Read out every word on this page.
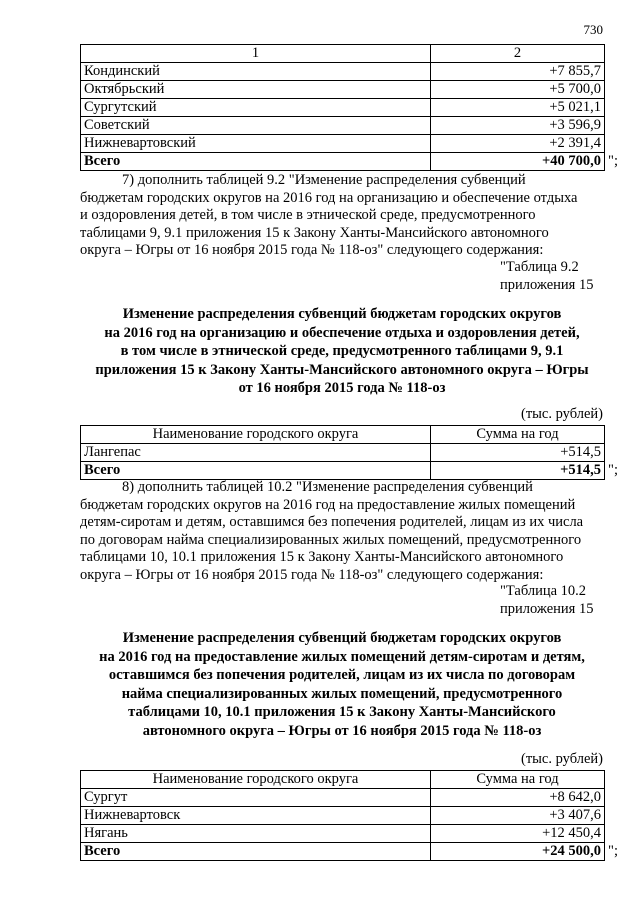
730
1	2
Кондинский	+7 855,7
Октябрьский	+5 700,0
Сургутский	+5 021,1
Советский	+3 596,9
Нижневартовский	+2 391,4
Всего	+40 700,0 ";
7) дополнить таблицей 9.2 "Изменение распределения субвенций
бюджетам городских округов на 2016 год на организацию и обеспечение отдыха
и оздоровления детей, в том числе в этнической среде, предусмотренного
таблицами 9, 9.1 приложения 15 к Закону Ханты-Мансийского автономного
округа – Югры от 16 ноября 2015 года № 118-оз" следующего содержания:
"Таблица 9.2
приложения 15
Изменение распределения субвенций бюджетам городских округов
на 2016 год на организацию и обеспечение отдыха и оздоровления детей,
в том числе в этнической среде, предусмотренного таблицами 9, 9.1
приложения 15 к Закону Ханты-Мансийского автономного округа – Югры
от 16 ноября 2015 года № 118-оз
(тыс. рублей)
Наименование городского округа	Сумма на год
Лангепас	+514,5
Всего	+514,5 ";
8) дополнить таблицей 10.2 "Изменение распределения субвенций
бюджетам городских округов на 2016 год на предоставление жилых помещений
детям-сиротам и детям, оставшимся без попечения родителей, лицам из их числа
по договорам найма специализированных жилых помещений, предусмотренного
таблицами 10, 10.1 приложения 15 к Закону Ханты-Мансийского автономного
округа – Югры от 16 ноября 2015 года № 118-оз" следующего содержания:
"Таблица 10.2
приложения 15
Изменение распределения субвенций бюджетам городских округов
на 2016 год на предоставление жилых помещений детям-сиротам и детям,
оставшимся без попечения родителей, лицам из их числа по договорам
найма специализированных жилых помещений, предусмотренного
таблицами 10, 10.1 приложения 15 к Закону Ханты-Мансийского
автономного округа – Югры от 16 ноября 2015 года № 118-оз
(тыс. рублей)
Наименование городского округа	Сумма на год
Сургут	+8 642,0
Нижневартовск	+3 407,6
Нягань	+12 450,4
Всего	+24 500,0 ";
